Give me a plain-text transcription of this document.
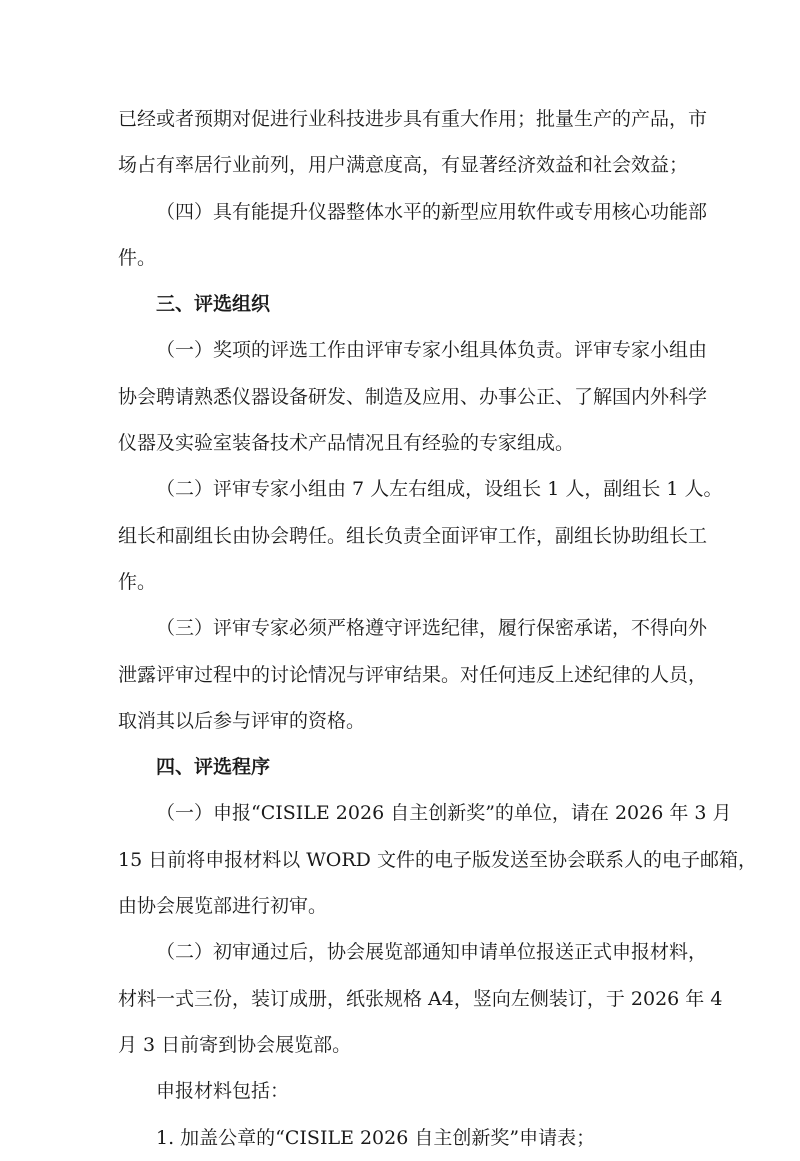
已经或者预期对促进行业科技进步具有重大作用；批量生产的产品，市
场占有率居行业前列，用户满意度高，有显著经济效益和社会效益；
（四）具有能提升仪器整体水平的新型应用软件或专用核心功能部
件。
三、评选组织
（一）奖项的评选工作由评审专家小组具体负责。评审专家小组由
协会聘请熟悉仪器设备研发、制造及应用、办事公正、了解国内外科学
仪器及实验室装备技术产品情况且有经验的专家组成。
（二）评审专家小组由 7 人左右组成，设组长 1 人，副组长 1 人。
组长和副组长由协会聘任。组长负责全面评审工作，副组长协助组长工
作。
（三）评审专家必须严格遵守评选纪律，履行保密承诺，不得向外
泄露评审过程中的讨论情况与评审结果。对任何违反上述纪律的人员，
取消其以后参与评审的资格。
四、评选程序
（一）申报“CISILE 2026 自主创新奖”的单位，请在 2026 年 3 月
15 日前将申报材料以 WORD 文件的电子版发送至协会联系人的电子邮箱，
由协会展览部进行初审。
（二）初审通过后，协会展览部通知申请单位报送正式申报材料，
材料一式三份，装订成册，纸张规格 A4，竖向左侧装订，于 2026 年 4
月 3 日前寄到协会展览部。
申报材料包括：
1. 加盖公章的“CISILE 2026 自主创新奖”申请表；
